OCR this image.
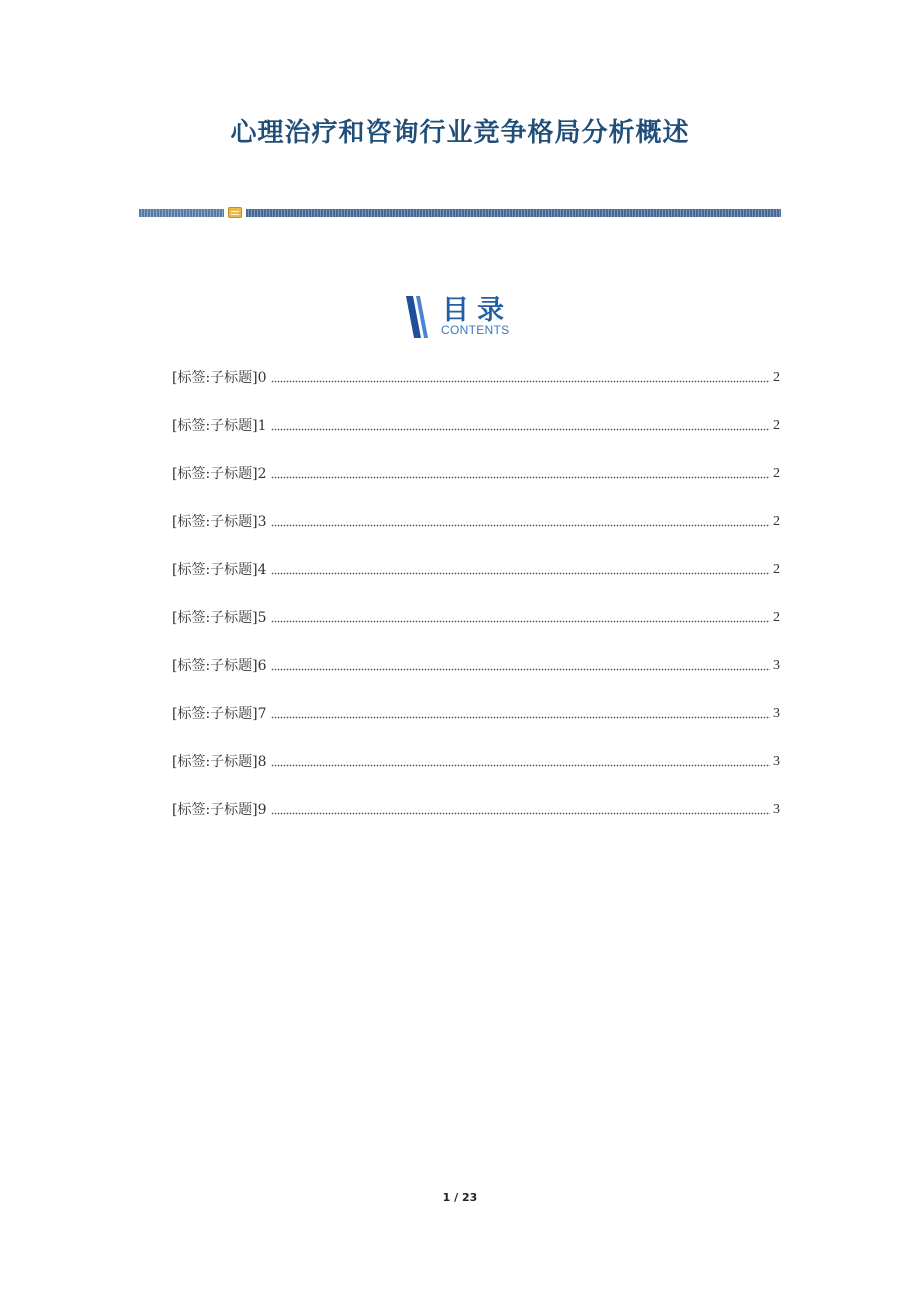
心理治疗和咨询行业竞争格局分析概述
目录
CONTENTS
[标签:子标题]0	2
[标签:子标题]1	2
[标签:子标题]2	2
[标签:子标题]3	2
[标签:子标题]4	2
[标签:子标题]5	2
[标签:子标题]6	3
[标签:子标题]7	3
[标签:子标题]8	3
[标签:子标题]9	3
1 / 23
